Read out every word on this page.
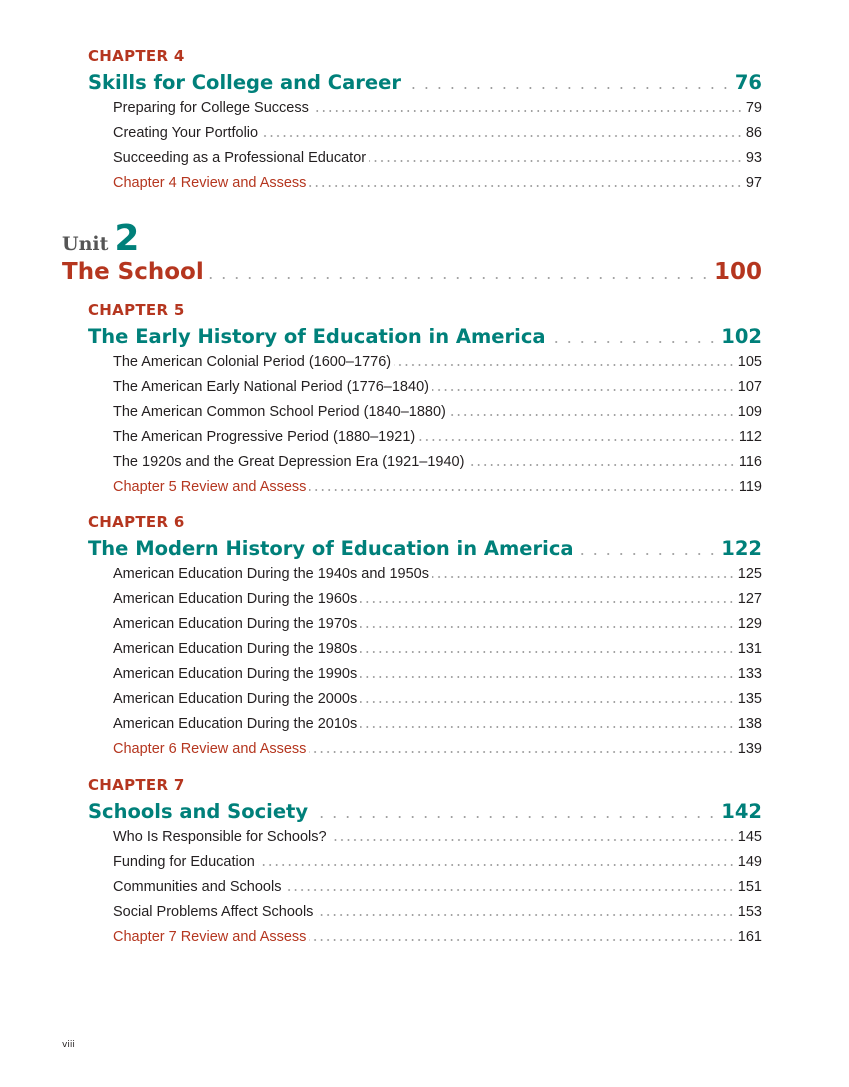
Unit 2
The School	100
CHAPTER 4
Skills for College and Career	76
Preparing for College Success	79
Creating Your Portfolio	86
Succeeding as a Professional Educator	93
Chapter 4 Review and Assess	97
CHAPTER 5
The Early History of Education in America	102
The American Colonial Period (1600–1776)	105
The American Early National Period (1776–1840)	107
The American Common School Period (1840–1880)	109
The American Progressive Period (1880–1921)	112
The 1920s and the Great Depression Era (1921–1940)	116
Chapter 5 Review and Assess	119
CHAPTER 6
The Modern History of Education in America	122
American Education During the 1940s and 1950s	125
American Education During the 1960s	127
American Education During the 1970s	129
American Education During the 1980s	131
American Education During the 1990s	133
American Education During the 2000s	135
American Education During the 2010s	138
Chapter 6 Review and Assess	139
CHAPTER 7
Schools and Society	142
Who Is Responsible for Schools?	145
Funding for Education	149
Communities and Schools	151
Social Problems Affect Schools	153
Chapter 7 Review and Assess	161
viii
